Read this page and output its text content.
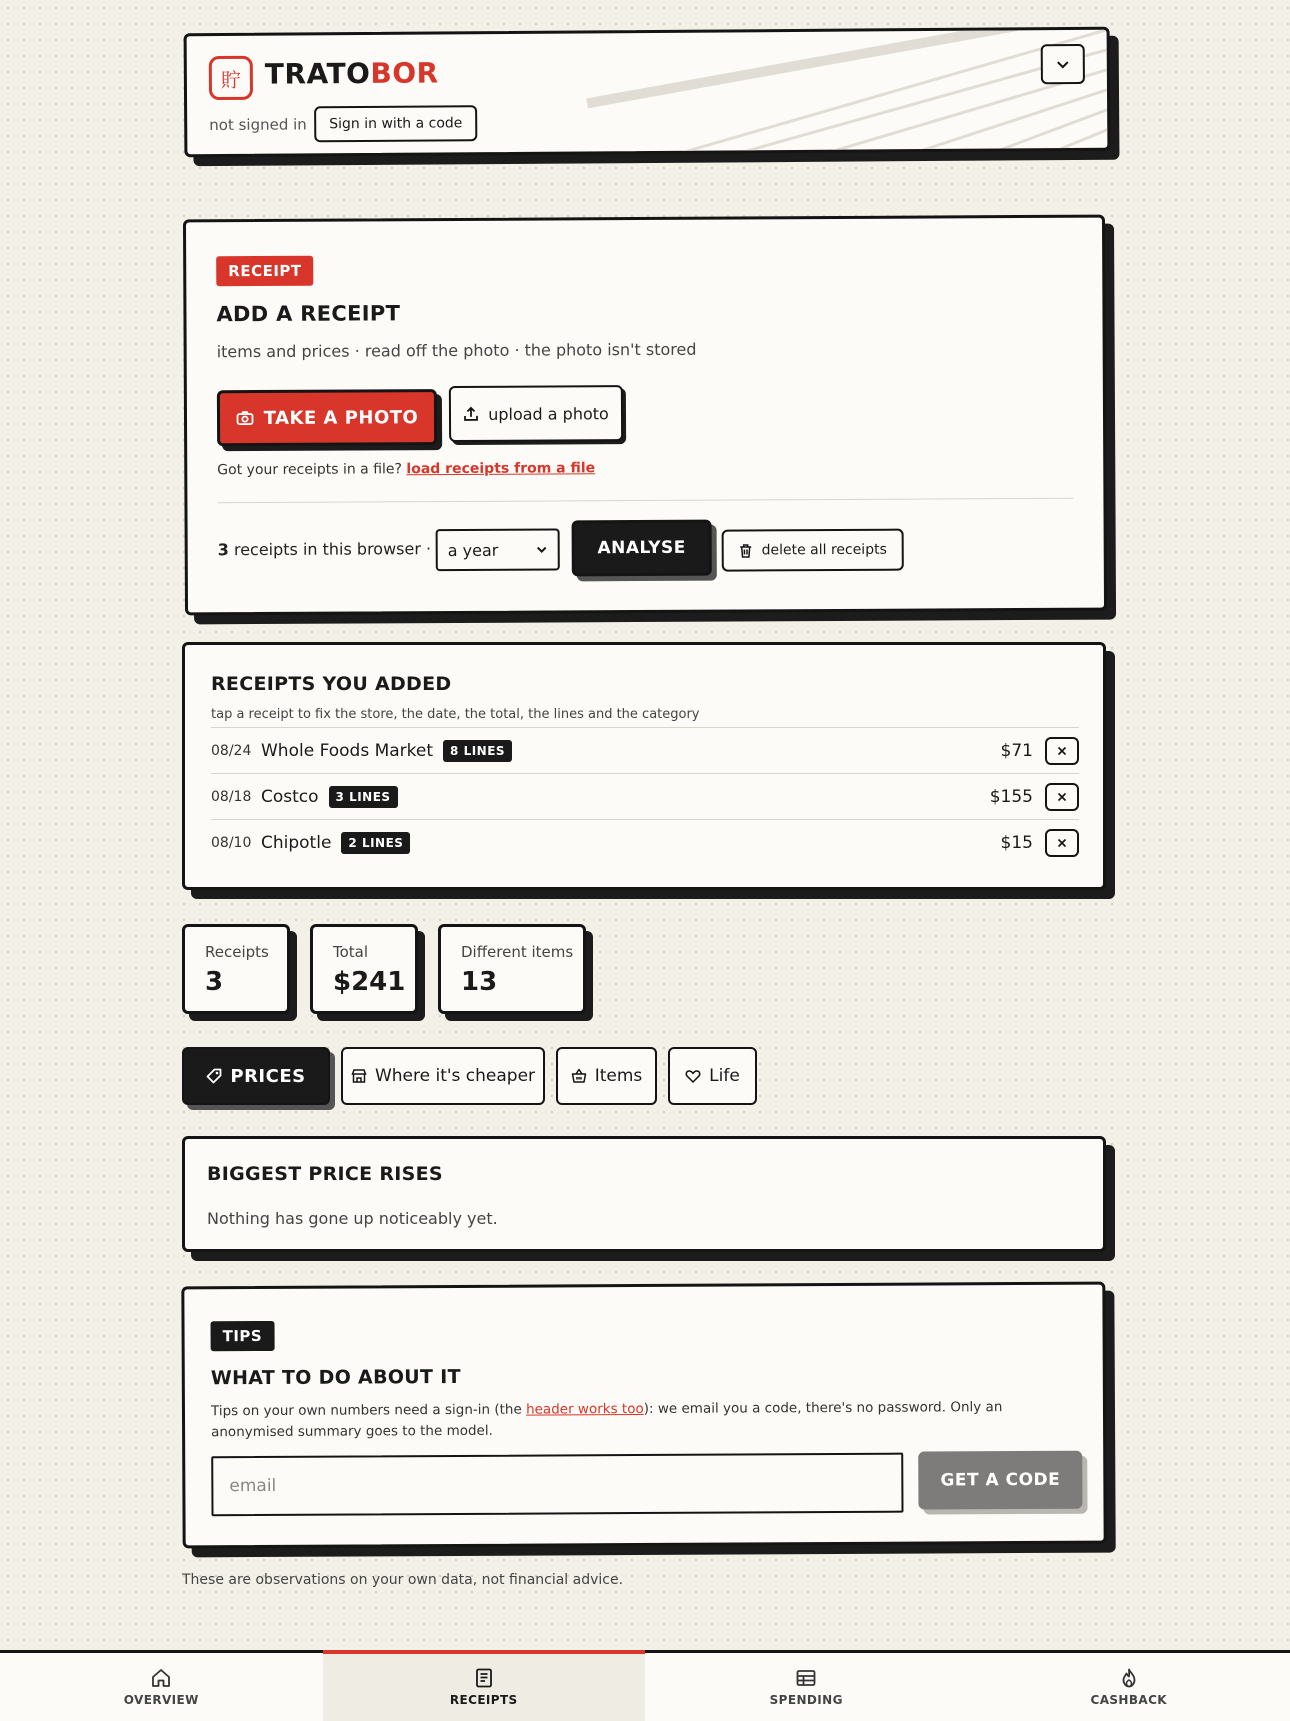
貯 TRATOBOR
not signed in	Sign in with a code
RECEIPT
ADD A RECEIPT
items and prices · read off the photo · the photo isn't stored
TAKE A PHOTO	upload a photo
Got your receipts in a file? load receipts from a file
3 receipts in this browser · a year	ANALYSE	delete all receipts
RECEIPTS YOU ADDED
tap a receipt to fix the store, the date, the total, the lines and the category
08/24 Whole Foods Market	8 LINES	$71
08/18 Costco	3 LINES	$155
08/10 Chipotle	2 LINES	$15
Receipts
3
Total
$241
Different items
13
PRICES	Where it's cheaper	Items	Life
BIGGEST PRICE RISES
Nothing has gone up noticeably yet.
TIPS
WHAT TO DO ABOUT IT
Tips on your own numbers need a sign-in (the header works too): we email you a code, there's no password. Only an anonymised summary goes to the model.
email
GET A CODE
These are observations on your own data, not financial advice.
OVERVIEW	RECEIPTS	SPENDING	CASHBACK
